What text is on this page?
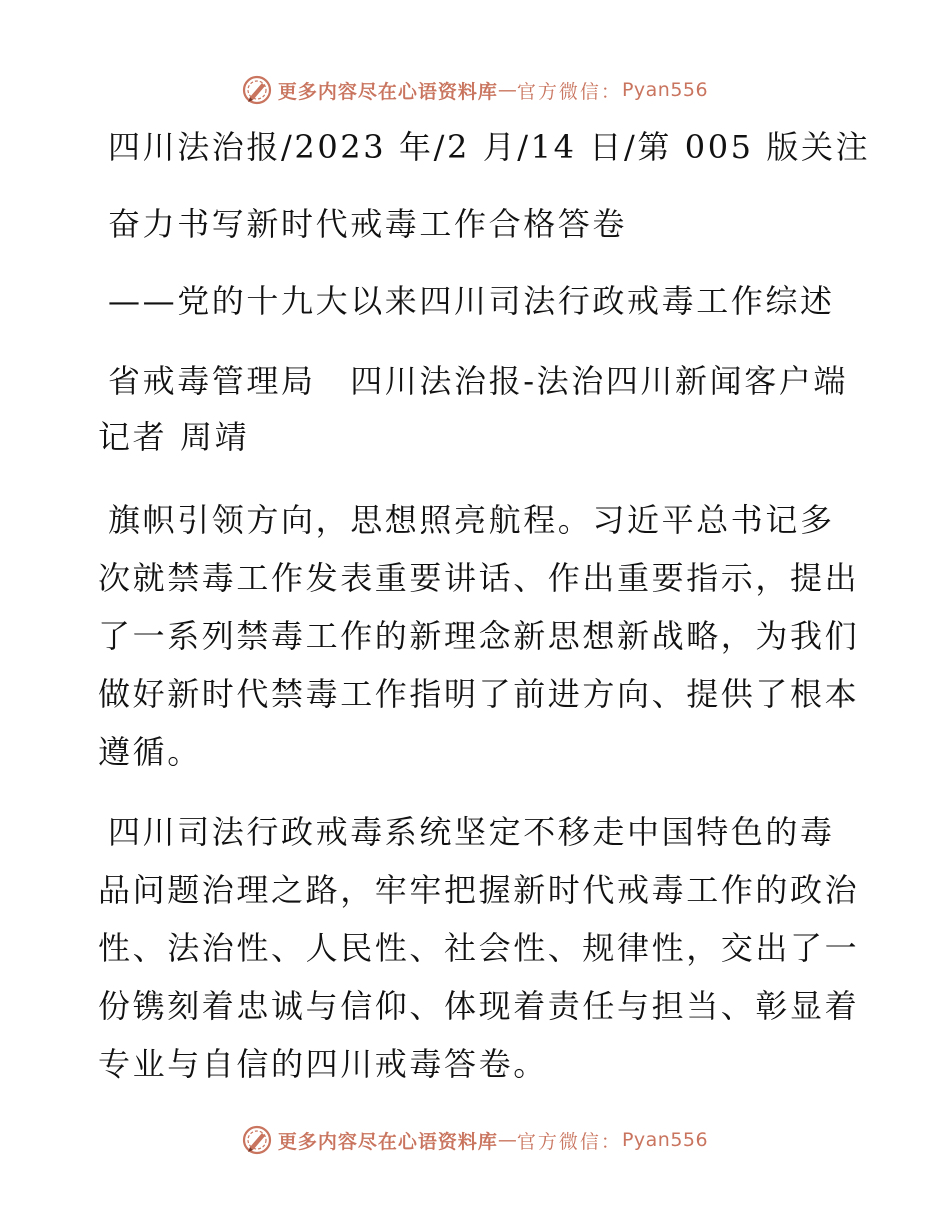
更多内容尽在心语资料库 — 官方微信： Pyan556
四川法治报/2023 年/2 月/14 日/第 005 版关注
奋力书写新时代戒毒工作合格答卷
——党的十九大以来四川司法行政戒毒工作综述
省戒毒管理局　四川法治报-法治四川新闻客户端
记者 周靖
旗帜引领方向，思想照亮航程。习近平总书记多
次就禁毒工作发表重要讲话、作出重要指示，提出
了一系列禁毒工作的新理念新思想新战略，为我们
做好新时代禁毒工作指明了前进方向、提供了根本
遵循。
四川司法行政戒毒系统坚定不移走中国特色的毒
品问题治理之路，牢牢把握新时代戒毒工作的政治
性、法治性、人民性、社会性、规律性，交出了一
份镌刻着忠诚与信仰、体现着责任与担当、彰显着
专业与自信的四川戒毒答卷。
更多内容尽在心语资料库 — 官方微信： Pyan556
